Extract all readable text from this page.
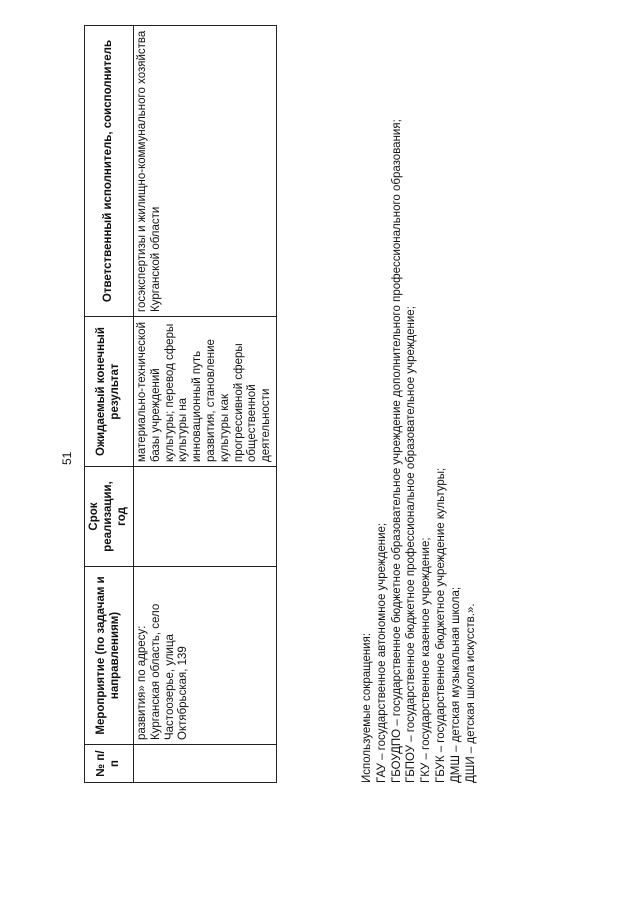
51
№ п/п	Мероприятие (по задачам и направлениям)	Срок реализации, год	Ожидаемый конечный результат	Ответственный исполнитель, соисполнитель
	развития» по адресу: Курганская область, село Частоозерье, улица Октябрьская, 139		материально-технической базы учреждений культуры; перевод сферы культуры на инновационный путь развития, становление культуры как прогрессивной сферы общественной деятельности	госэкспертизы и жилищно-коммунального хозяйства Курганской области
Используемые сокращения: ГАУ – государственное автономное учреждение; ГБОУДПО – государственное бюджетное образовательное учреждение дополнительного профессионального образования; ГБПОУ – государственное бюджетное профессиональное образовательное учреждение; ГКУ – государственное казенное учреждение; ГБУК – государственное бюджетное учреждение культуры; ДМШ – детская музыкальная школа; ДШИ – детская школа искусств.».
